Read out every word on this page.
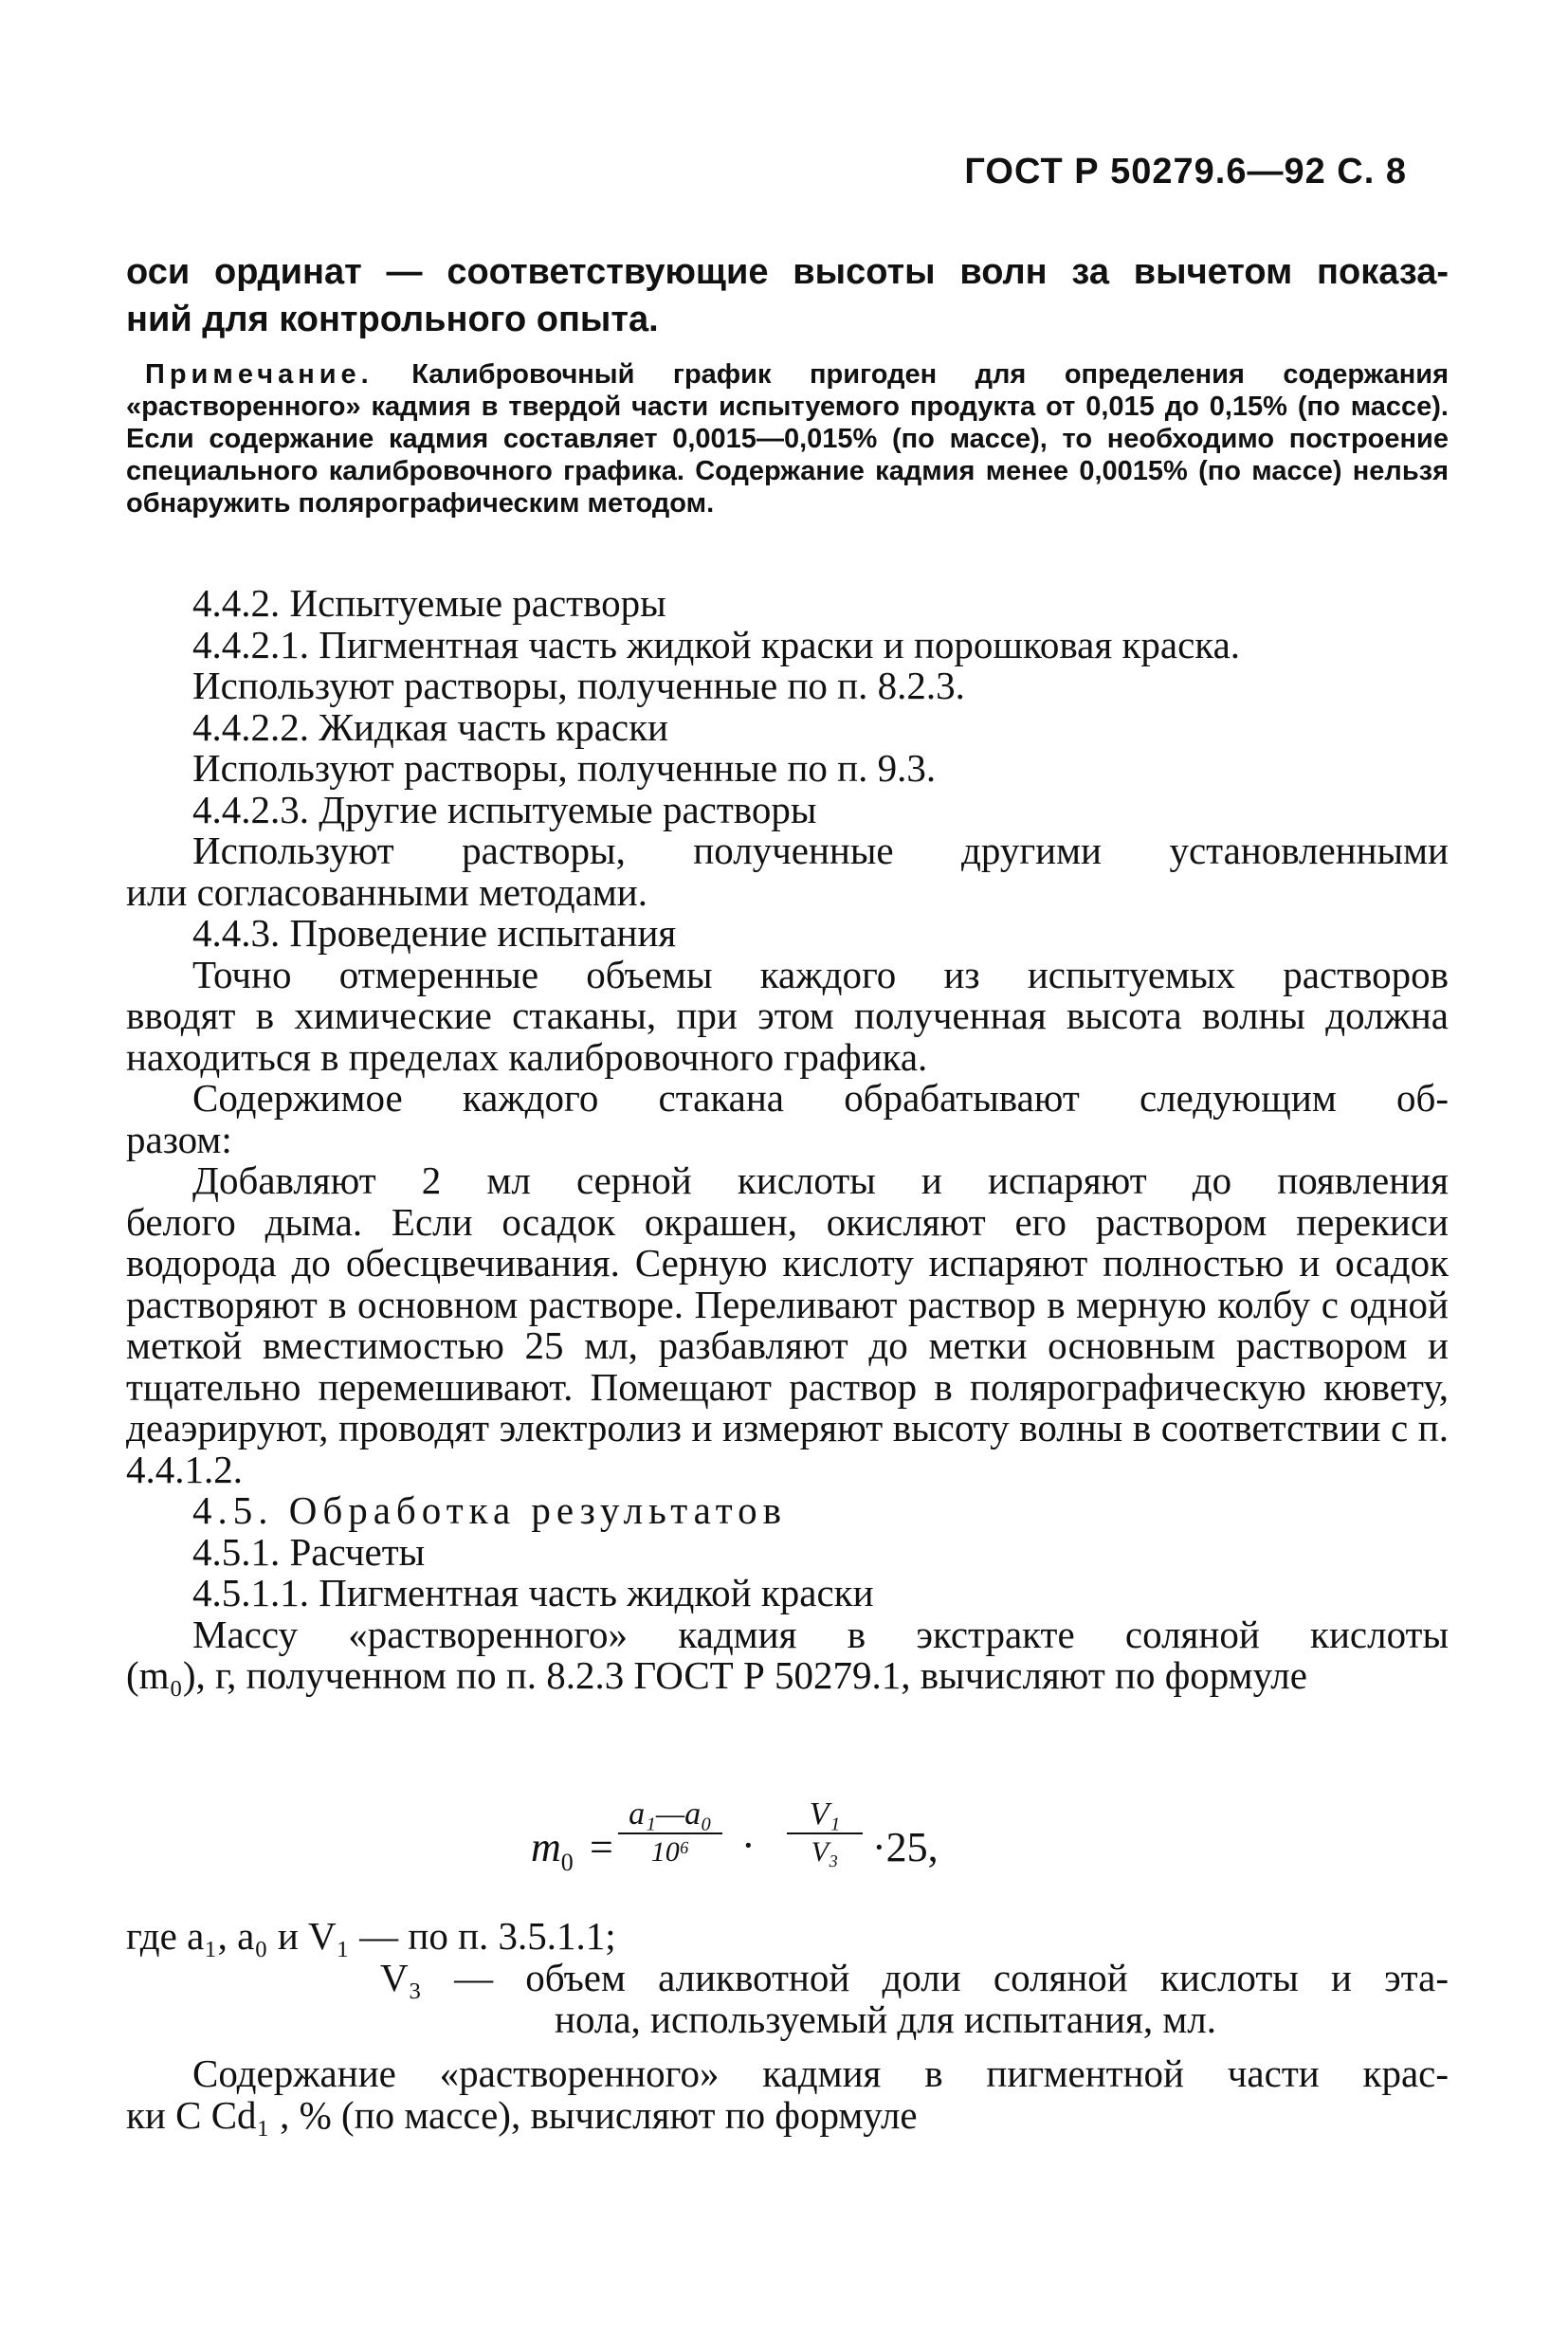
ГОСТ Р 50279.6—92 С. 8
оси ординат — соответствующие высоты волн за вычетом показа-
ний для контрольного опыта.
Примечание. Калибровочный график пригоден для определения содержания «растворенного» кадмия в твердой части испытуемого продукта от 0,015 до 0,15% (по массе). Если содержание кадмия составляет 0,0015—0,015% (по массе), то необходимо построение специального калибровочного графика. Содержание кадмия менее 0,0015% (по массе) нельзя обнаружить полярографическим методом.

4.4.2. Испытуемые растворы

4.4.2.1. Пигментная часть жидкой краски и порошковая краска.

Используют растворы, полученные по п. 8.2.3.

4.4.2.2. Жидкая часть краски

Используют растворы, полученные по п. 9.3.

4.4.2.3. Другие испытуемые растворы

Используют растворы, полученные другими установленными

или согласованными методами.

4.4.3. Проведение испытания

Точно отмеренные объемы каждого из испытуемых растворов

вводят в химические стаканы, при этом полученная высота волны должна находиться в пределах калибровочного графика.

Содержимое каждого стакана обрабатывают следующим об-

разом:

Добавляют 2 мл серной кислоты и испаряют до появления

белого дыма. Если осадок окрашен, окисляют его раствором перекиси водорода до обесцвечивания. Серную кислоту испаряют полностью и осадок растворяют в основном растворе. Переливают раствор в мерную колбу с одной меткой вместимостью 25 мл, разбавляют до метки основным раствором и тщательно перемешивают. Помещают раствор в полярографическую кювету, деаэрируют, проводят электролиз и измеряют высоту волны в соответствии с п. 4.4.1.2.

4.5. Обработка результатов

4.5.1. Расчеты

4.5.1.1. Пигментная часть жидкой краски

Массу «растворенного» кадмия в экстракте соляной кислоты

(m₀), г, полученном по п. 8.2.3 ГОСТ Р 50279.1, вычисляют по формуле

$m_0 = \frac{\text{a₁—a₀}}{\text{10⁶}} \cdot \frac{\text{V₁}}{\text{V₃}} \cdot 25$,

где a₁, a₀ и V₁ — по п. 3.5.1.1;

V₃ — объем аликвотной доли соляной кислоты и эта-

нола, используемый для испытания, мл.

Содержание «растворенного» кадмия в пигментной части крас-

ки C Cd₁ , % (по массе), вычисляют по формуле
